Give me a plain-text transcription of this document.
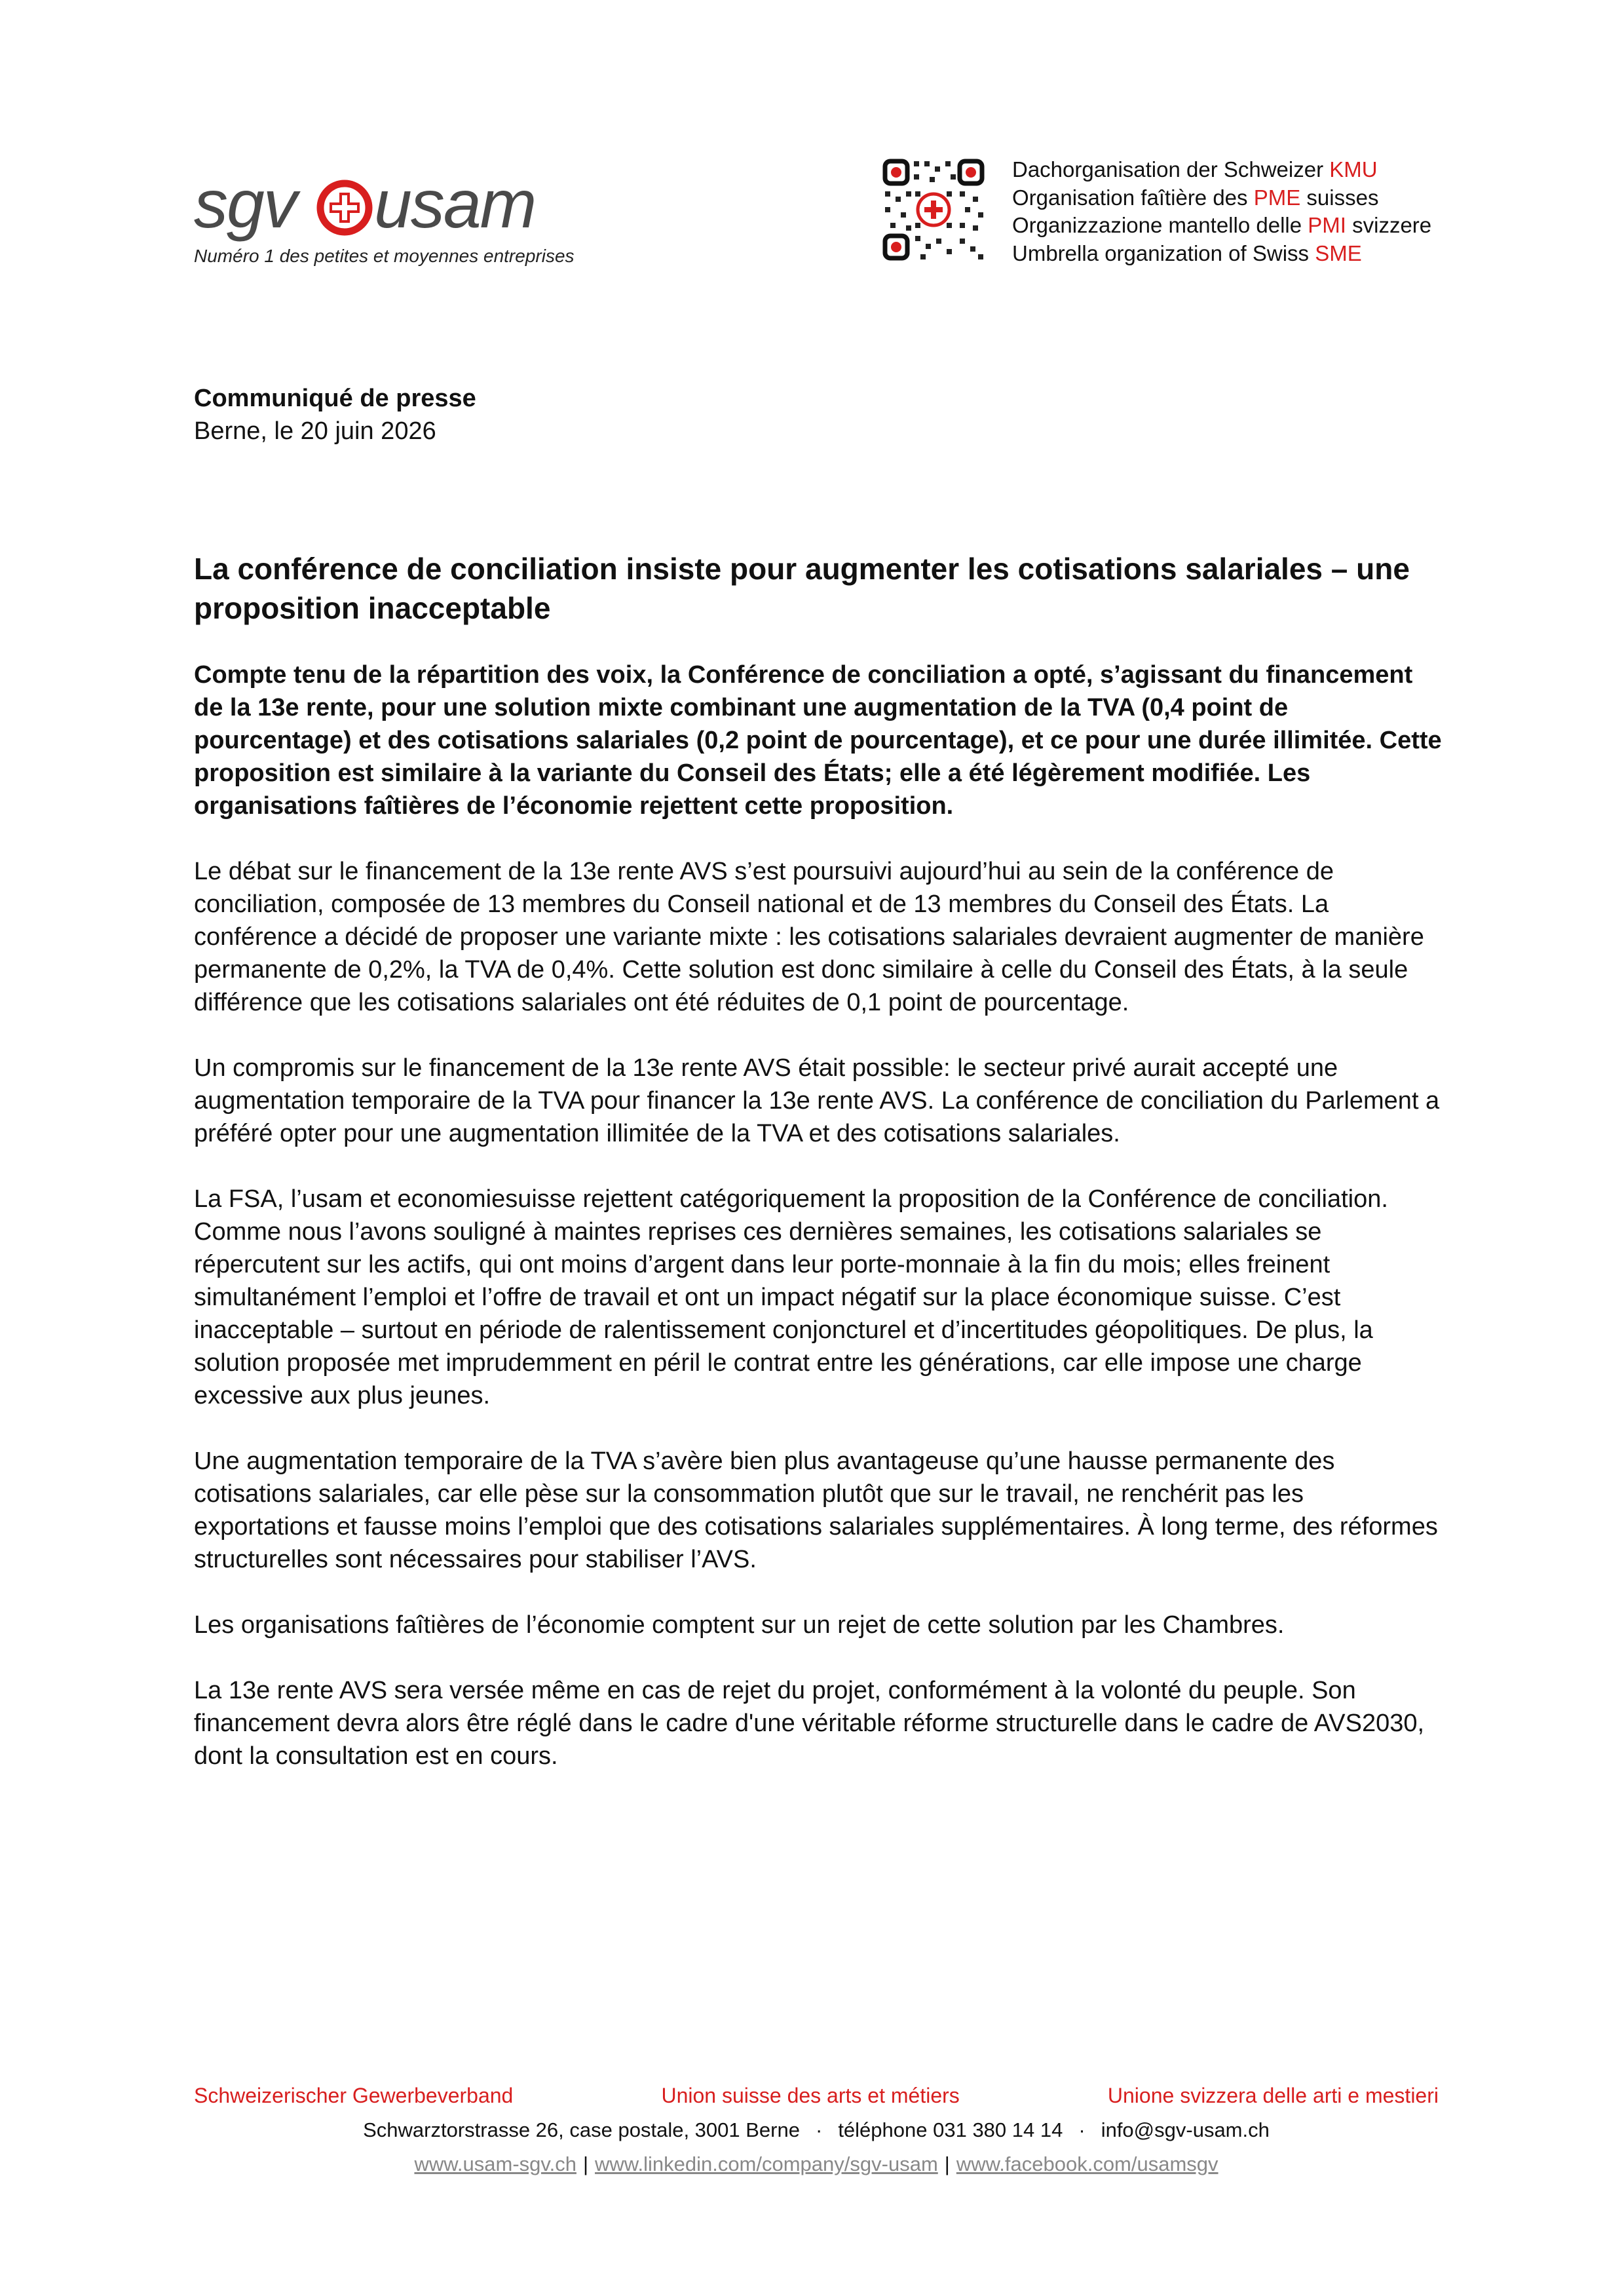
sgv usam
Numéro 1 des petites et moyennes entreprises
Dachorganisation der Schweizer KMU
Organisation faîtière des PME suisses
Organizzazione mantello delle PMI svizzere
Umbrella organization of Swiss SME
Communiqué de presse
Berne, le 20 juin 2026
La conférence de conciliation insiste pour augmenter les cotisations salariales – une proposition inacceptable

Compte tenu de la répartition des voix, la Conférence de conciliation a opté, s’agissant du financement de la 13e rente, pour une solution mixte combinant une augmentation de la TVA (0,4 point de pourcentage) et des cotisations salariales (0,2 point de pourcentage), et ce pour une durée illimitée. Cette proposition est similaire à la variante du Conseil des États; elle a été légèrement modifiée. Les organisations faîtières de l’économie rejettent cette proposition.

Le débat sur le financement de la 13e rente AVS s’est poursuivi aujourd’hui au sein de la conférence de conciliation, composée de 13 membres du Conseil national et de 13 membres du Conseil des États. La conférence a décidé de proposer une variante mixte : les cotisations salariales devraient augmenter de manière permanente de 0,2%, la TVA de 0,4%. Cette solution est donc similaire à celle du Conseil des États, à la seule différence que les cotisations salariales ont été réduites de 0,1 point de pourcentage.

Un compromis sur le financement de la 13e rente AVS était possible: le secteur privé aurait accepté une augmentation temporaire de la TVA pour financer la 13e rente AVS. La conférence de conciliation du Parlement a préféré opter pour une augmentation illimitée de la TVA et des cotisations salariales.

La FSA, l’usam et economiesuisse rejettent catégoriquement la proposition de la Conférence de conciliation. Comme nous l’avons souligné à maintes reprises ces dernières semaines, les cotisations salariales se répercutent sur les actifs, qui ont moins d’argent dans leur porte-monnaie à la fin du mois; elles freinent simultanément l’emploi et l’offre de travail et ont un impact négatif sur la place économique suisse. C’est inacceptable – surtout en période de ralentissement conjoncturel et d’incertitudes géopolitiques. De plus, la solution proposée met imprudemment en péril le contrat entre les générations, car elle impose une charge excessive aux plus jeunes.

Une augmentation temporaire de la TVA s’avère bien plus avantageuse qu’une hausse permanente des cotisations salariales, car elle pèse sur la consommation plutôt que sur le travail, ne renchérit pas les exportations et fausse moins l’emploi que des cotisations salariales supplémentaires. À long terme, des réformes structurelles sont nécessaires pour stabiliser l’AVS.

Les organisations faîtières de l’économie comptent sur un rejet de cette solution par les Chambres.

La 13e rente AVS sera versée même en cas de rejet du projet, conformément à la volonté du peuple. Son financement devra alors être réglé dans le cadre d'une véritable réforme structurelle dans le cadre de AVS2030, dont la consultation est en cours.

Schweizerischer Gewerbeverband	Union suisse des arts et métiers	Unione svizzera delle arti e mestieri
Schwarztorstrasse 26, case postale, 3001 Berne · téléphone 031 380 14 14 · info@sgv-usam.ch
www.usam-sgv.ch | www.linkedin.com/company/sgv-usam | www.facebook.com/usamsgv
